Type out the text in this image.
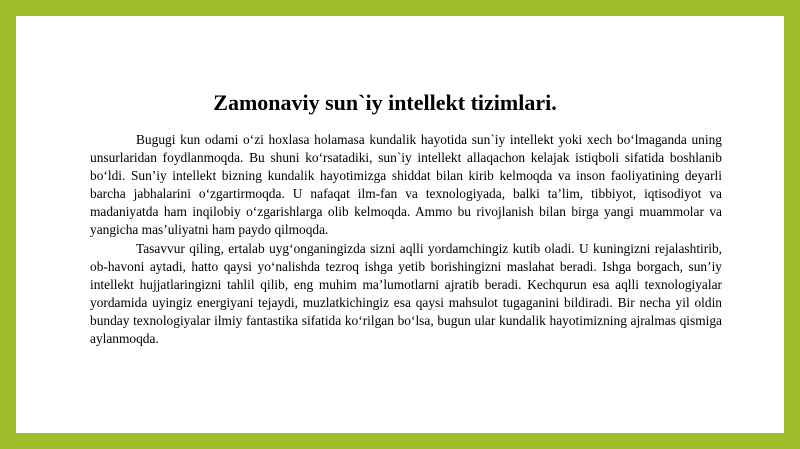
Zamonaviy sun`iy intellekt tizimlari.

Bugugi kun odami o‘zi hoxlasa holamasa kundalik hayotida sun`iy intellekt yoki xech bo‘lmaganda uning unsurlaridan foydlanmoqda. Bu shuni ko‘rsatadiki, sun`iy intellekt allaqachon kelajak istiqboli sifatida boshlanib bo‘ldi. Sun’iy intellekt bizning kundalik hayotimizga shiddat bilan kirib kelmoqda va inson faoliyatining deyarli barcha jabhalarini o‘zgartirmoqda. U nafaqat ilm-fan va texnologiyada, balki ta’lim, tibbiyot, iqtisodiyot va madaniyatda ham inqilobiy o‘zgarishlarga olib kelmoqda. Ammo bu rivojlanish bilan birga yangi muammolar va yangicha mas’uliyatni ham paydo qilmoqda.

Tasavvur qiling, ertalab uyg‘onganingizda sizni aqlli yordamchingiz kutib oladi. U kuningizni rejalashtirib, ob-havoni aytadi, hatto qaysi yo‘nalishda tezroq ishga yetib borishingizni maslahat beradi. Ishga borgach, sun’iy intellekt hujjatlaringizni tahlil qilib, eng muhim ma’lumotlarni ajratib beradi. Kechqurun esa aqlli texnologiyalar yordamida uyingiz energiyani tejaydi, muzlatkichingiz esa qaysi mahsulot tugaganini bildiradi. Bir necha yil oldin bunday texnologiyalar ilmiy fantastika sifatida ko‘rilgan bo‘lsa, bugun ular kundalik hayotimizning ajralmas qismiga aylanmoqda.
